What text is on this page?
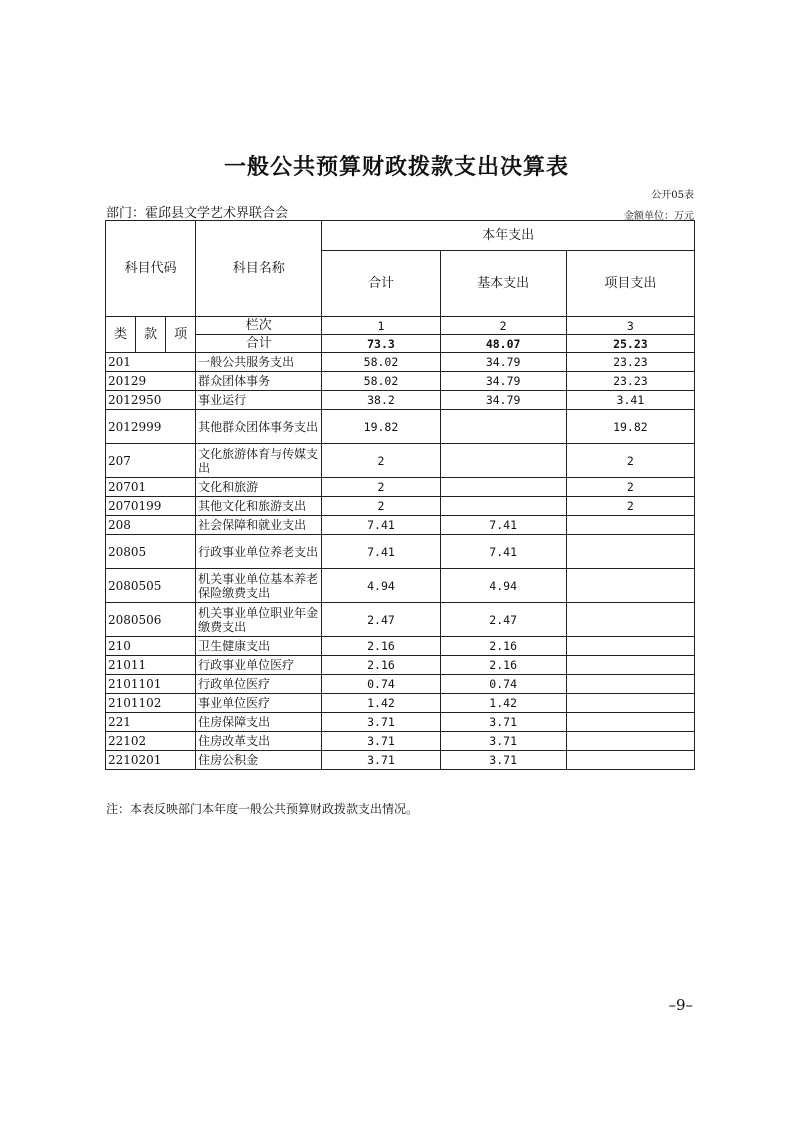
一般公共预算财政拨款支出决算表
公开05表
部门：霍邱县文学艺术界联合会	金额单位：万元
科目代码			科目名称	本年支出		
				合计	基本支出	项目支出
类	款	项	栏次	1	2	3
			合计	73.3	48.07	25.23
201			一般公共服务支出	58.02	34.79	23.23
20129			群众团体事务	58.02	34.79	23.23
2012950			事业运行	38.2	34.79	3.41
2012999			其他群众团体事务支出	19.82		19.82
207			文化旅游体育与传媒支出	2		2
20701			文化和旅游	2		2
2070199			其他文化和旅游支出	2		2
208			社会保障和就业支出	7.41	7.41	
20805			行政事业单位养老支出	7.41	7.41	
2080505			机关事业单位基本养老保险缴费支出	4.94	4.94	
2080506			机关事业单位职业年金缴费支出	2.47	2.47	
210			卫生健康支出	2.16	2.16	
21011			行政事业单位医疗	2.16	2.16	
2101101			行政单位医疗	0.74	0.74	
2101102			事业单位医疗	1.42	1.42	
221			住房保障支出	3.71	3.71	
22102			住房改革支出	3.71	3.71	
2210201			住房公积金	3.71	3.71	
注：本表反映部门本年度一般公共预算财政拨款支出情况。
–9–
